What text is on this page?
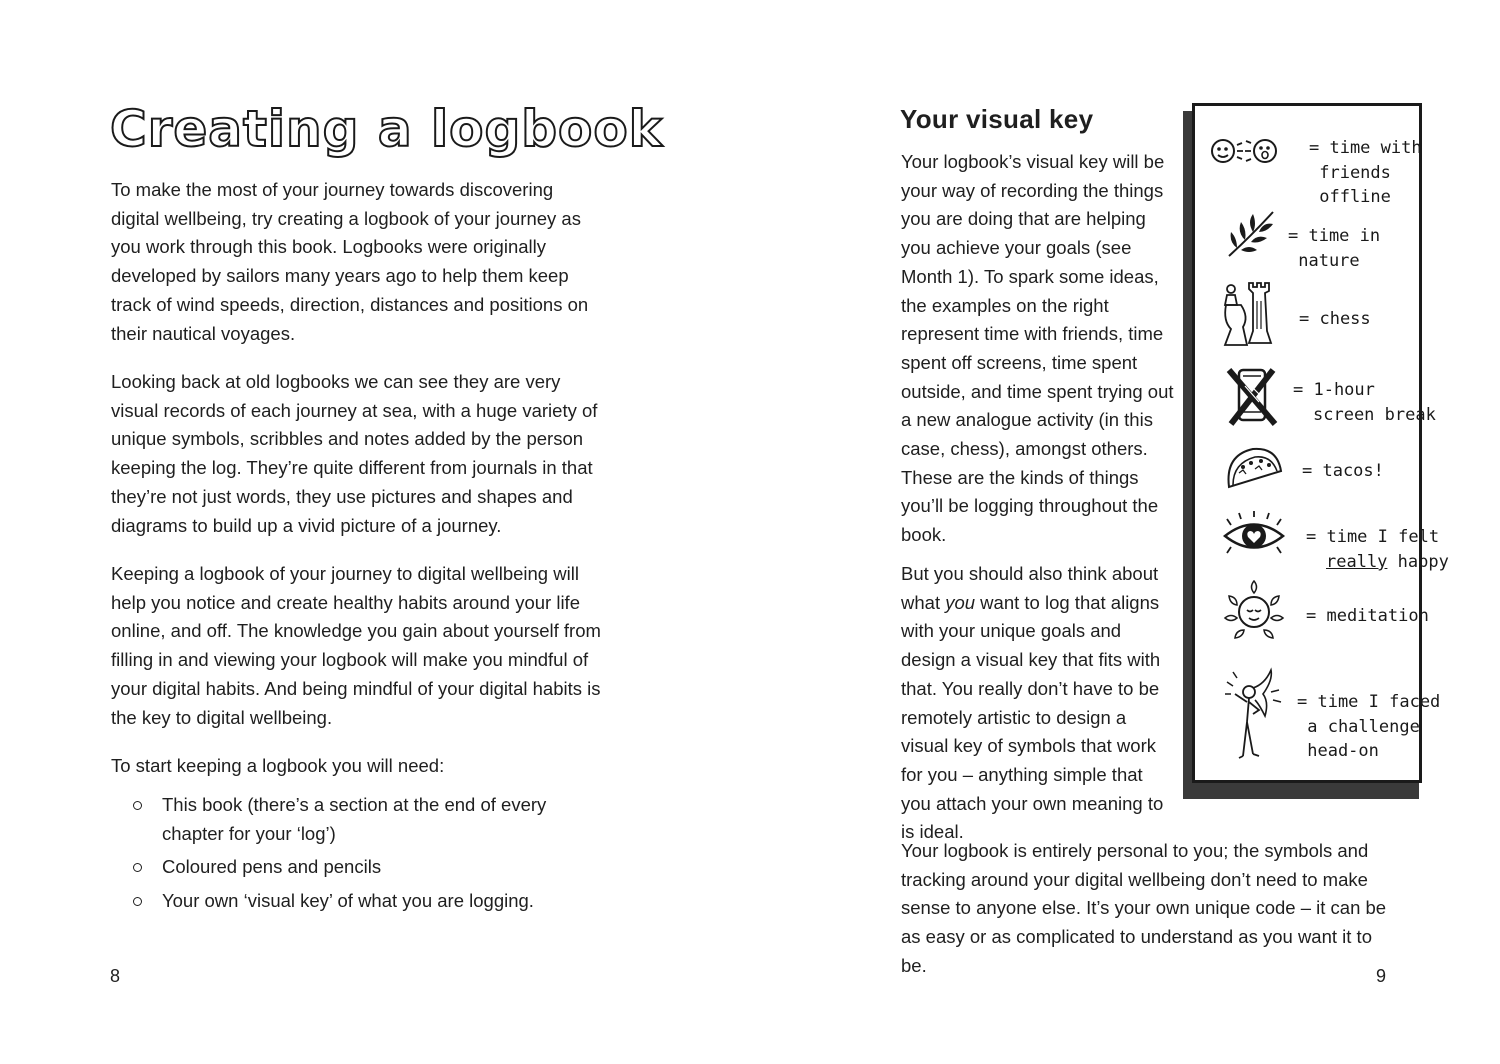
Creating a logbook

To make the most of your journey towards discovering digital wellbeing, try creating a logbook of your journey as you work through this book. Logbooks were originally developed by sailors many years ago to help them keep track of wind speeds, direction, distances and positions on their nautical voyages.

Looking back at old logbooks we can see they are very visual records of each journey at sea, with a huge variety of unique symbols, scribbles and notes added by the person keeping the log. They’re quite different from journals in that they’re not just words, they use pictures and shapes and diagrams to build up a vivid picture of a journey.

Keeping a logbook of your journey to digital wellbeing will help you notice and create healthy habits around your life online, and off. The knowledge you gain about yourself from filling in and viewing your logbook will make you mindful of your digital habits. And being mindful of your digital habits is the key to digital wellbeing.

To start keeping a logbook you will need:

This book (there’s a section at the end of every chapter for your ‘log’)
Coloured pens and pencils
Your own ‘visual key’ of what you are logging.

8

Your visual key

Your logbook’s visual key will be your way of recording the things you are doing that are helping you achieve your goals (see Month 1). To spark some ideas, the examples on the right represent time with friends, time spent off screens, time spent outside, and time spent trying out a new analogue activity (in this case, chess), amongst others. These are the kinds of things you’ll be logging throughout the book.

But you should also think about what you want to log that aligns with your unique goals and design a visual key that fits with that. You really don’t have to be remotely artistic to design a visual key of symbols that work for you – anything simple that you attach your own meaning to is ideal.

Your logbook is entirely personal to you; the symbols and tracking around your digital wellbeing don’t need to make sense to anyone else. It’s your own unique code – it can be as easy or as complicated to understand as you want it to be.

= time with
friends
offline
= time in
nature
= chess
= 1-hour
screen break
= tacos!
= time I felt
really happy
= meditation
= time I faced
a challenge
head-on

9
